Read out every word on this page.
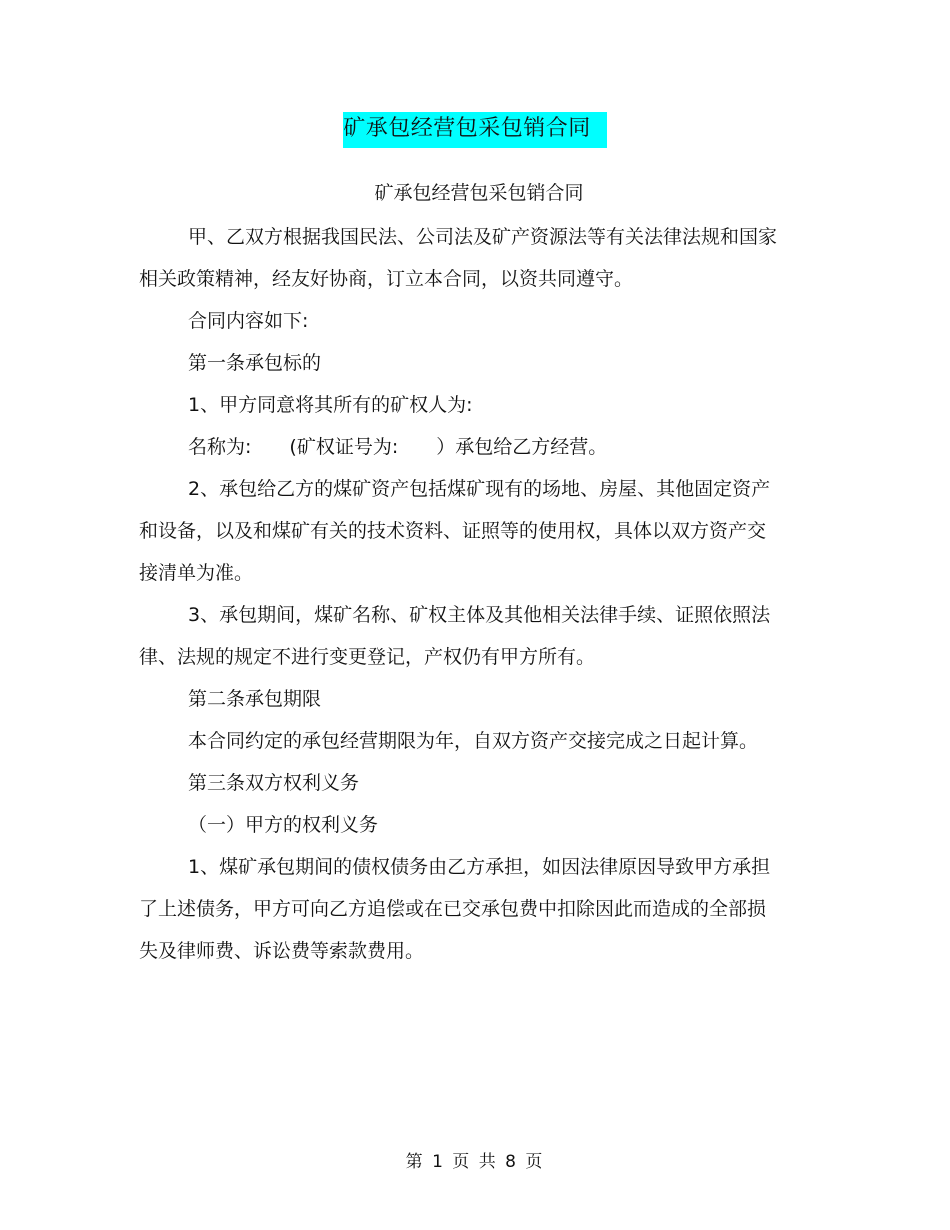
矿承包经营包采包销合同
矿承包经营包采包销合同

甲、乙双方根据我国民法、公司法及矿产资源法等有关法律法规和国家相关政策精神，经友好协商，订立本合同，以资共同遵守。

合同内容如下:

第一条承包标的

1、甲方同意将其所有的矿权人为:

名称为:　　(矿权证号为:　　）承包给乙方经营。

2、承包给乙方的煤矿资产包括煤矿现有的场地、房屋、其他固定资产和设备，以及和煤矿有关的技术资料、证照等的使用权，具体以双方资产交接清单为准。

3、承包期间，煤矿名称、矿权主体及其他相关法律手续、证照依照法律、法规的规定不进行变更登记，产权仍有甲方所有。

第二条承包期限

本合同约定的承包经营期限为年，自双方资产交接完成之日起计算。

第三条双方权利义务

（一）甲方的权利义务

1、煤矿承包期间的债权债务由乙方承担，如因法律原因导致甲方承担了上述债务，甲方可向乙方追偿或在已交承包费中扣除因此而造成的全部损失及律师费、诉讼费等索款费用。

第 1 页 共 8 页
